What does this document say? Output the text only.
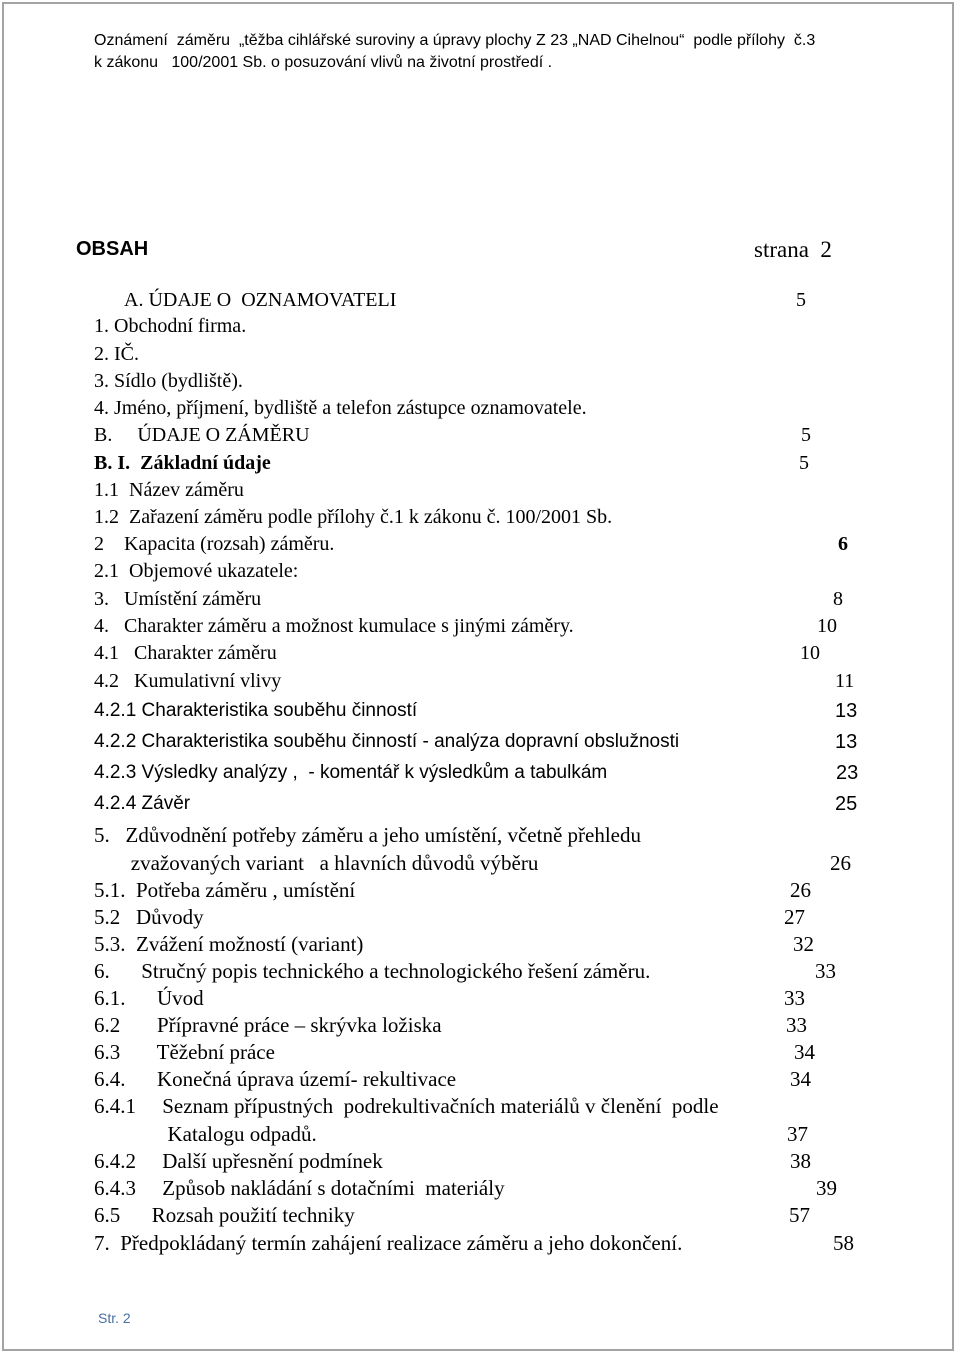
Oznámení  záměru  „těžba cihlářské suroviny a úpravy plochy Z 23 „NAD Cihelnou“  podle přílohy  č.3
k zákonu   100/2001 Sb. o posuzování vlivů na životní prostředí .
OBSAH	strana  2
A. ÚDAJE O  OZNAMOVATELI	5
1. Obchodní firma.
2. IČ.
3. Sídlo (bydliště).
4. Jméno, příjmení, bydliště a telefon zástupce oznamovatele.
B.     ÚDAJE O ZÁMĚRU	5
B. I.  Základní údaje	5
1.1  Název záměru
1.2  Zařazení záměru podle přílohy č.1 k zákonu č. 100/2001 Sb.
2    Kapacita (rozsah) záměru.	6
2.1  Objemové ukazatele:
3.   Umístění záměru	8
4.   Charakter záměru a možnost kumulace s jinými záměry.	10
4.1   Charakter záměru	10
4.2   Kumulativní vlivy	11
4.2.1 Charakteristika souběhu činností	13
4.2.2 Charakteristika souběhu činností - analýza dopravní obslužnosti	13
4.2.3 Výsledky analýzy ,  - komentář k výsledkům a tabulkám	23
4.2.4 Závěr	25
5.   Zdůvodnění potřeby záměru a jeho umístění, včetně přehledu
zvažovaných variant   a hlavních důvodů výběru	26
5.1.  Potřeba záměru , umístění	26
5.2   Důvody	27
5.3.  Zvážení možností (variant)	32
6.      Stručný popis technického a technologického řešení záměru.	33
6.1.      Úvod	33
6.2       Přípravné práce – skrývka ložiska	33
6.3       Těžební práce	34
6.4.      Konečná úprava území- rekultivace	34
6.4.1     Seznam přípustných  podrekultivačních materiálů v členění  podle
Katalogu odpadů.	37
6.4.2     Další upřesnění podmínek	38
6.4.3     Způsob nakládání s dotačními  materiály	39
6.5      Rozsah použití techniky	57
7.  Předpokládaný termín zahájení realizace záměru a jeho dokončení.	58
Str. 2
